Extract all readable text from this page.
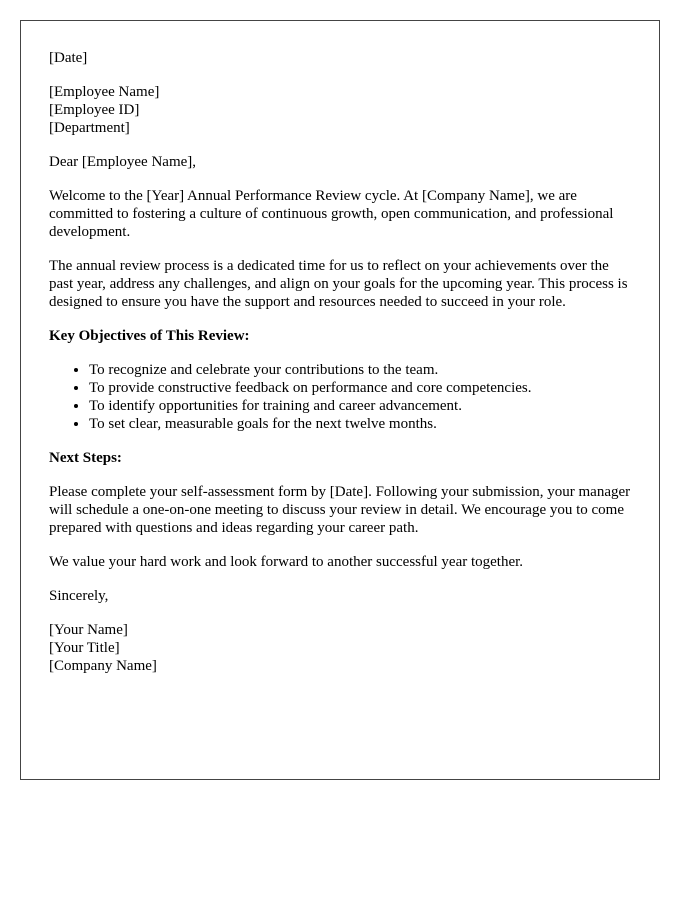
[Date]

[Employee Name]
[Employee ID]
[Department]

Dear [Employee Name],

Welcome to the [Year] Annual Performance Review cycle. At [Company Name], we are committed to fostering a culture of continuous growth, open communication, and professional development.

The annual review process is a dedicated time for us to reflect on your achievements over the past year, address any challenges, and align on your goals for the upcoming year. This process is designed to ensure you have the support and resources needed to succeed in your role.

Key Objectives of This Review:

• To recognize and celebrate your contributions to the team.
• To provide constructive feedback on performance and core competencies.
• To identify opportunities for training and career advancement.
• To set clear, measurable goals for the next twelve months.

Next Steps:

Please complete your self-assessment form by [Date]. Following your submission, your manager will schedule a one-on-one meeting to discuss your review in detail. We encourage you to come prepared with questions and ideas regarding your career path.

We value your hard work and look forward to another successful year together.

Sincerely,

[Your Name]
[Your Title]
[Company Name]
